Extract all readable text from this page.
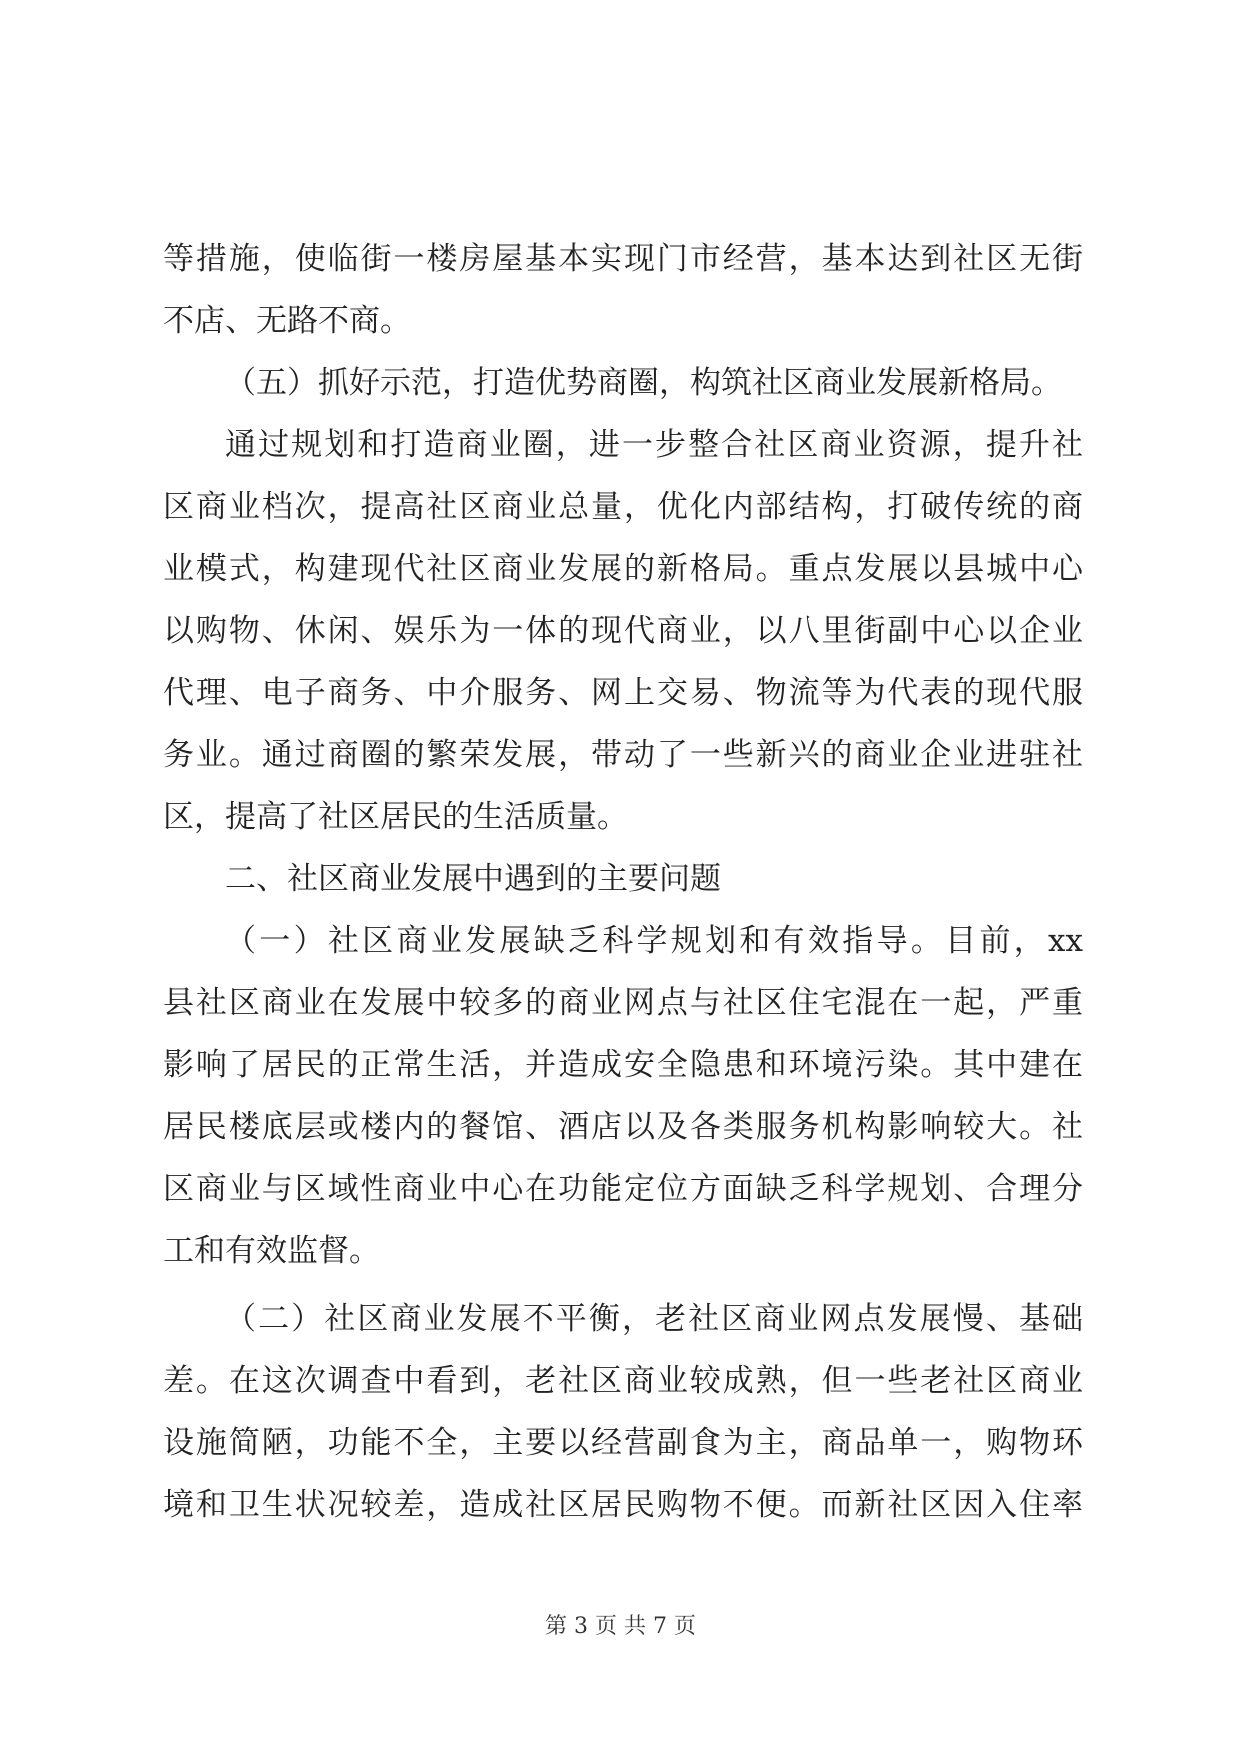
等措施，使临街一楼房屋基本实现门市经营，基本达到社区无街
不店、无路不商。
（五）抓好示范，打造优势商圈，构筑社区商业发展新格局。
通过规划和打造商业圈，进一步整合社区商业资源，提升社
区商业档次，提高社区商业总量，优化内部结构，打破传统的商
业模式，构建现代社区商业发展的新格局。重点发展以县城中心
以购物、休闲、娱乐为一体的现代商业，以八里街副中心以企业
代理、电子商务、中介服务、网上交易、物流等为代表的现代服
务业。通过商圈的繁荣发展，带动了一些新兴的商业企业进驻社
区，提高了社区居民的生活质量。
二、社区商业发展中遇到的主要问题
（一）社区商业发展缺乏科学规划和有效指导。目前，xx
县社区商业在发展中较多的商业网点与社区住宅混在一起，严重
影响了居民的正常生活，并造成安全隐患和环境污染。其中建在
居民楼底层或楼内的餐馆、酒店以及各类服务机构影响较大。社
区商业与区域性商业中心在功能定位方面缺乏科学规划、合理分
工和有效监督。
（二）社区商业发展不平衡，老社区商业网点发展慢、基础
差。在这次调查中看到，老社区商业较成熟，但一些老社区商业
设施简陋，功能不全，主要以经营副食为主，商品单一，购物环
境和卫生状况较差，造成社区居民购物不便。而新社区因入住率
第 3 页 共 7 页
